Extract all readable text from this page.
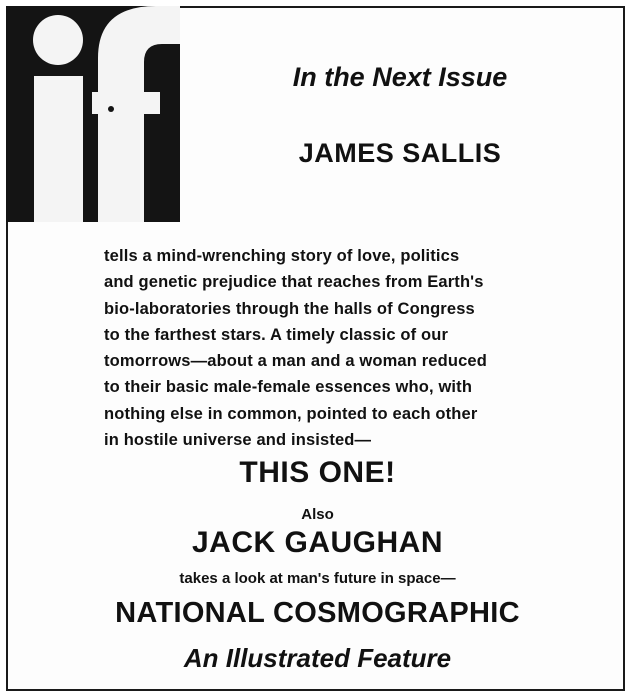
In the Next Issue
JAMES SALLIS

tells a mind-wrenching story of love, politics
and genetic prejudice that reaches from Earth's
bio-laboratories through the halls of Congress
to the farthest stars. A timely classic of our
tomorrows—about a man and a woman reduced
to their basic male-female essences who, with
nothing else in common, pointed to each other
in hostile universe and insisted—

THIS ONE!

Also

JACK GAUGHAN

takes a look at man's future in space—

NATIONAL COSMOGRAPHIC

An Illustrated Feature
